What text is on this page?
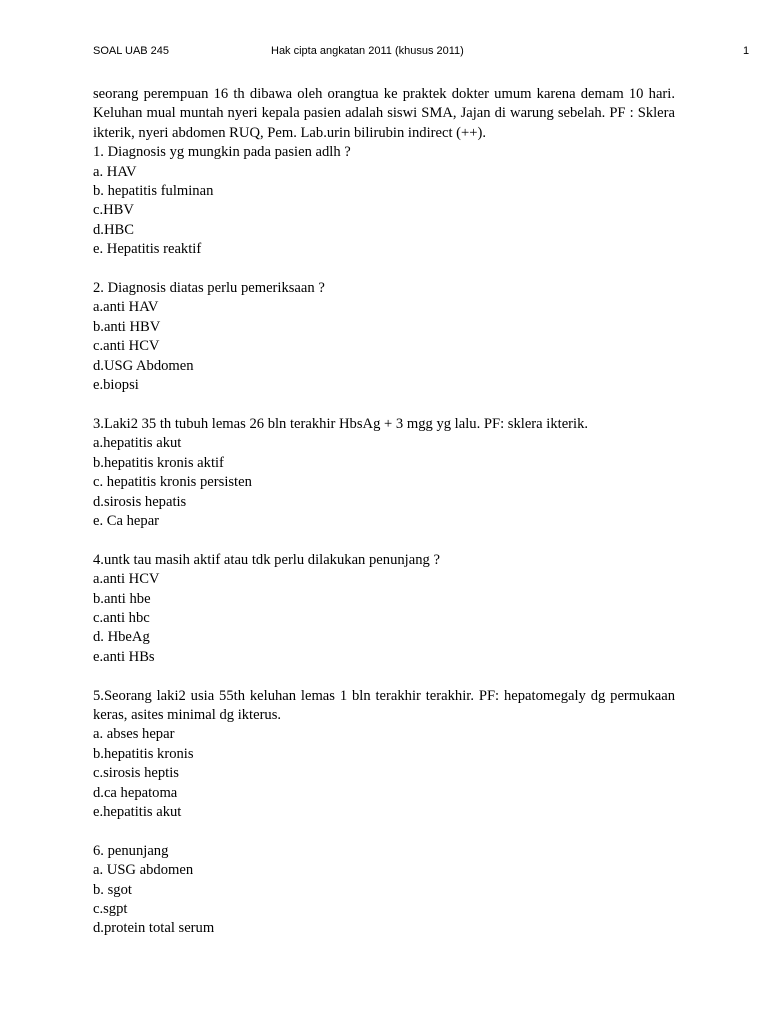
SOAL UAB 245	Hak cipta angkatan 2011 (khusus 2011)	1

seorang perempuan 16 th dibawa oleh orangtua ke praktek dokter umum karena demam 10 hari. Keluhan mual muntah nyeri kepala pasien adalah siswi SMA, Jajan di warung sebelah. PF : Sklera ikterik, nyeri abdomen RUQ, Pem. Lab.urin bilirubin indirect (++).

1. Diagnosis yg mungkin pada pasien adlh ?

a. HAV

b. hepatitis fulminan

c.HBV

d.HBC

e. Hepatitis reaktif

2. Diagnosis diatas perlu pemeriksaan ?

a.anti HAV

b.anti HBV

c.anti HCV

d.USG Abdomen

e.biopsi

3.Laki2 35 th tubuh lemas 26 bln terakhir HbsAg + 3 mgg yg lalu. PF: sklera ikterik.

a.hepatitis akut

b.hepatitis kronis aktif

c. hepatitis kronis persisten

d.sirosis hepatis

e. Ca hepar

4.untk tau masih aktif atau tdk perlu dilakukan penunjang ?

a.anti HCV

b.anti hbe

c.anti hbc

d. HbeAg

e.anti HBs

5.Seorang laki2 usia 55th keluhan lemas 1 bln terakhir terakhir. PF: hepatomegaly dg permukaan keras, asites minimal dg ikterus.

a. abses hepar

b.hepatitis kronis

c.sirosis heptis

d.ca hepatoma

e.hepatitis akut

6. penunjang

a. USG abdomen

b. sgot

c.sgpt

d.protein total serum
